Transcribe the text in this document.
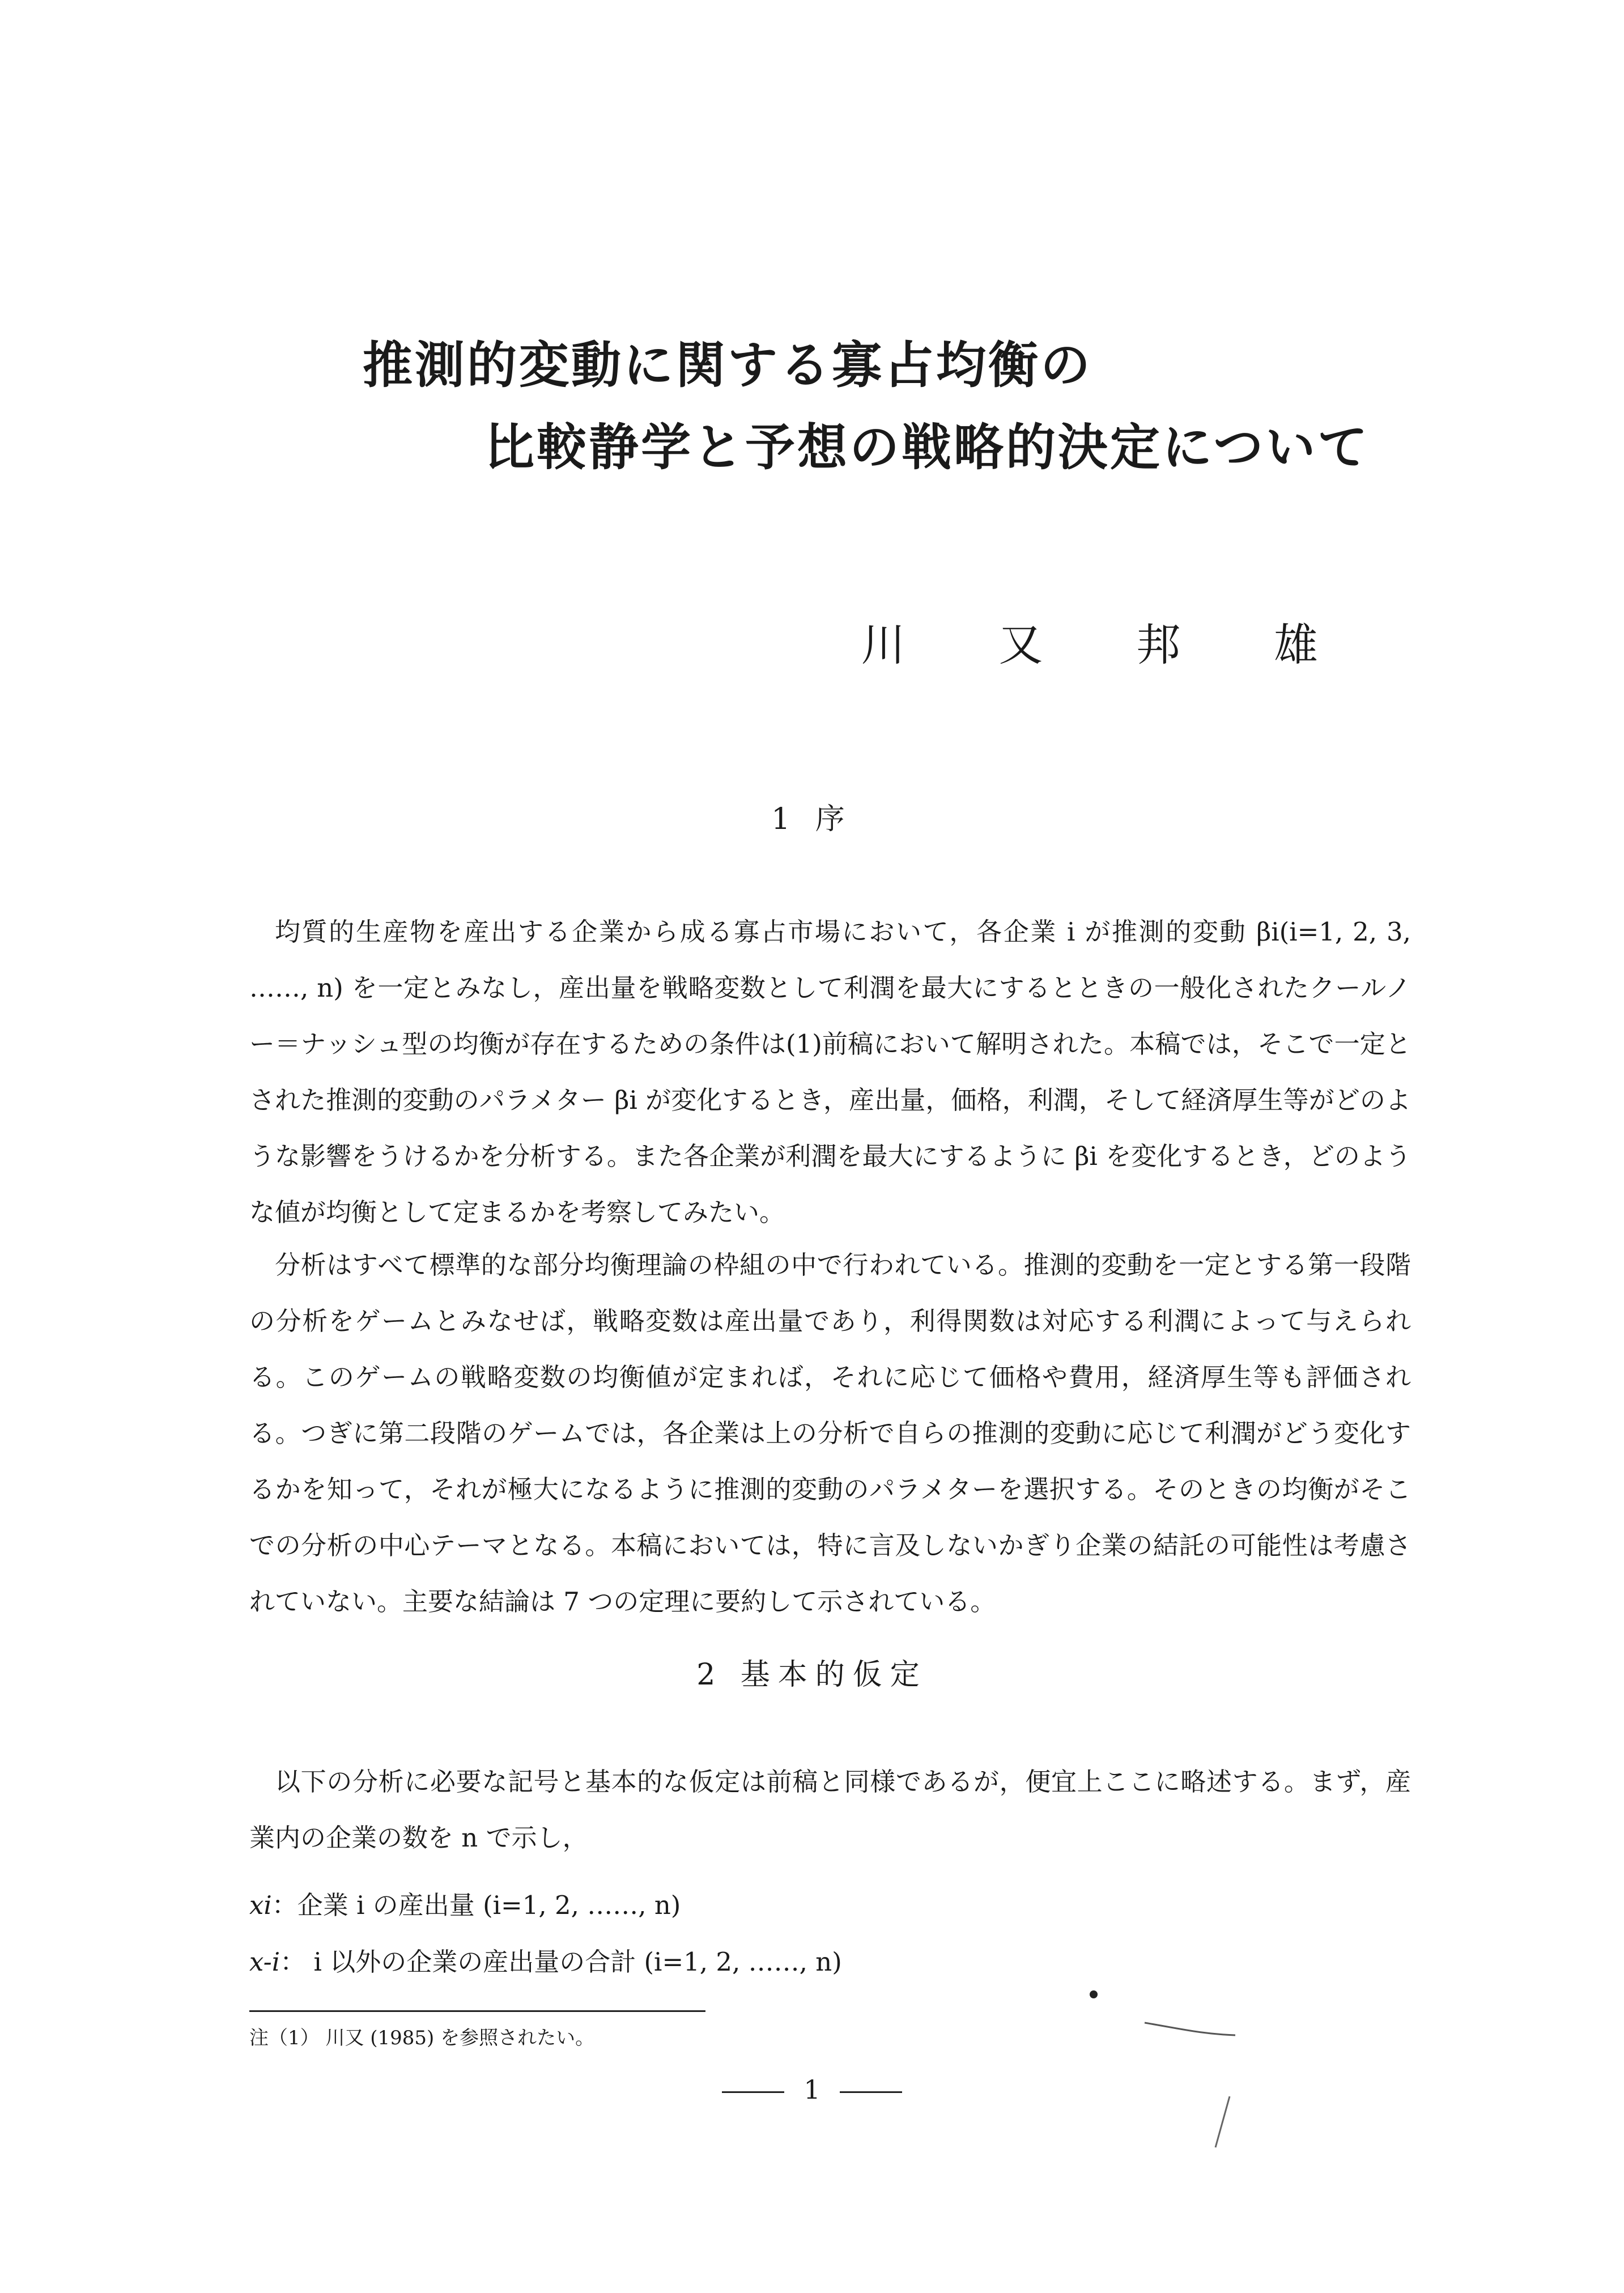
推測的変動に関する寡占均衡の
比較静学と予想の戦略的決定について
川 又 邦 雄
1 序

均質的生産物を産出する企業から成る寡占市場において，各企業 i が推測的変動 βi(i=1, 2, 3, ……, n) を一定とみなし，産出量を戦略変数として利潤を最大にするとときの一般化されたクールノー＝ナッシュ型の均衡が存在するための条件は(1)前稿において解明された。本稿では，そこで一定とされた推測的変動のパラメター βi が変化するとき，産出量，価格，利潤，そして経済厚生等がどのような影響をうけるかを分析する。また各企業が利潤を最大にするように βi を変化するとき，どのような値が均衡として定まるかを考察してみたい。

分析はすべて標準的な部分均衡理論の枠組の中で行われている。推測的変動を一定とする第一段階の分析をゲームとみなせば，戦略変数は産出量であり，利得関数は対応する利潤によって与えられる。このゲームの戦略変数の均衡値が定まれば，それに応じて価格や費用，経済厚生等も評価される。つぎに第二段階のゲームでは，各企業は上の分析で自らの推測的変動に応じて利潤がどう変化するかを知って，それが極大になるように推測的変動のパラメターを選択する。そのときの均衡がそこでの分析の中心テーマとなる。本稿においては，特に言及しないかぎり企業の結託の可能性は考慮されていない。主要な結論は 7 つの定理に要約して示されている。

2 基本的仮定

以下の分析に必要な記号と基本的な仮定は前稿と同様であるが，便宜上ここに略述する。まず，産業内の企業の数を n で示し，

xi：企業 i の産出量 (i=1, 2, ……, n)
x-i： i 以外の企業の産出量の合計 (i=1, 2, ……, n)
注（1） 川又 (1985) を参照されたい。
1
